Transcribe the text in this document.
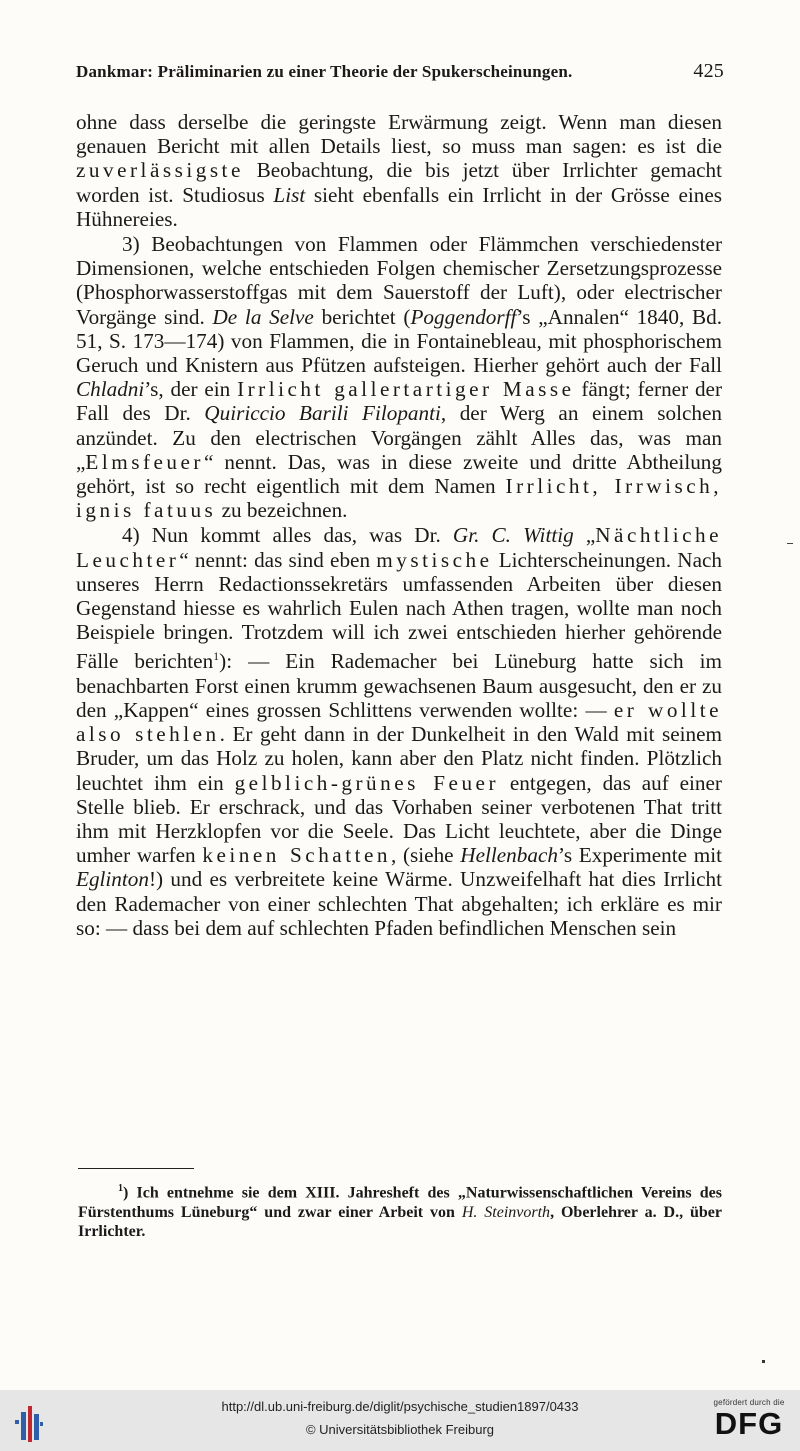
Dankmar: Präliminarien zu einer Theorie der Spukerscheinungen.	425

ohne dass derselbe die geringste Erwärmung zeigt. Wenn man diesen genauen Bericht mit allen Details liest, so muss man sagen: es ist die zuverlässigste Beobachtung, die bis jetzt über Irrlichter gemacht worden ist. Studiosus List sieht ebenfalls ein Irrlicht in der Grösse eines Hühnereies.

3) Beobachtungen von Flammen oder Flämmchen verschiedenster Dimensionen, welche entschieden Folgen chemischer Zersetzungsprozesse (Phosphorwasserstoffgas mit dem Sauerstoff der Luft), oder electrischer Vorgänge sind. De la Selve berichtet (Poggendorff’s „Annalen“ 1840, Bd. 51, S. 173—174) von Flammen, die in Fontainebleau, mit phosphorischem Geruch und Knistern aus Pfützen aufsteigen. Hierher gehört auch der Fall Chladni’s, der ein Irrlicht gallertartiger Masse fängt; ferner der Fall des Dr. Quiriccio Barili Filopanti, der Werg an einem solchen anzündet. Zu den electrischen Vorgängen zählt Alles das, was man „Elmsfeuer“ nennt. Das, was in diese zweite und dritte Abtheilung gehört, ist so recht eigentlich mit dem Namen Irrlicht, Irrwisch, ignis fatuus zu bezeichnen.

4) Nun kommt alles das, was Dr. Gr. C. Wittig „Nächtliche Leuchter“ nennt: das sind eben mystische Lichterscheinungen. Nach unseres Herrn Redactionssekretärs umfassenden Arbeiten über diesen Gegenstand hiesse es wahrlich Eulen nach Athen tragen, wollte man noch Beispiele bringen. Trotzdem will ich zwei entschieden hierher gehörende Fälle berichten$^1$): — Ein Rademacher bei Lüneburg hatte sich im benachbarten Forst einen krumm gewachsenen Baum ausgesucht, den er zu den „Kappen“ eines grossen Schlittens verwenden wollte: — er wollte also stehlen. Er geht dann in der Dunkelheit in den Wald mit seinem Bruder, um das Holz zu holen, kann aber den Platz nicht finden. Plötzlich leuchtet ihm ein gelblich-grünes Feuer entgegen, das auf einer Stelle blieb. Er erschrack, und das Vorhaben seiner verbotenen That tritt ihm mit Herzklopfen vor die Seele. Das Licht leuchtete, aber die Dinge umher warfen keinen Schatten, (siehe Hellenbach’s Experimente mit Eglinton!) und es verbreitete keine Wärme. Unzweifelhaft hat dies Irrlicht den Rademacher von einer schlechten That abgehalten; ich erkläre es mir so: — dass bei dem auf schlechten Pfaden befindlichen Menschen sein

$^1$) Ich entnehme sie dem XIII. Jahresheft des „Naturwissenschaftlichen Vereins des Fürstenthums Lüneburg“ und zwar einer Arbeit von H. Steinvorth, Oberlehrer a. D., über Irrlichter.
http://dl.ub.uni-freiburg.de/diglit/psychische_studien1897/0433
© Universitätsbibliothek Freiburg
gefördert durch die
DFG
